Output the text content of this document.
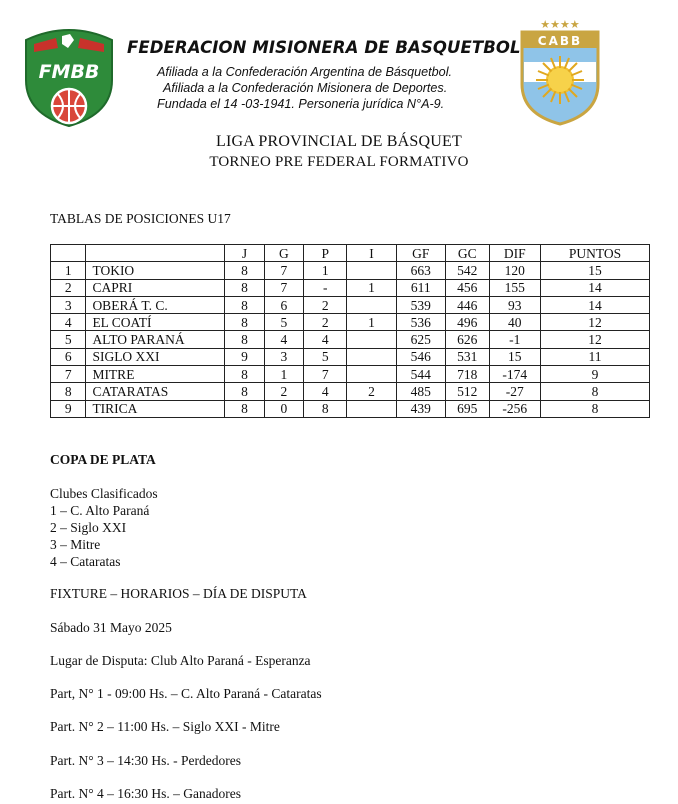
FMBB
FEDERACION MISIONERA DE BASQUETBOL
Afiliada a la Confederación Argentina de Básquetbol.
Afiliada a la Confederación Misionera de Deportes.
Fundada el 14 -03-1941. Personeria jurídica N°A-9.
★★★★
CABB
LIGA PROVINCIAL DE BÁSQUET
TORNEO PRE FEDERAL FORMATIVO
TABLAS DE POSICIONES U17
		J	G	P	I	GF	GC	DIF	PUNTOS
1	TOKIO	8	7	1		663	542	120	15
2	CAPRI	8	7	-	1	611	456	155	14
3	OBERÁ T. C.	8	6	2		539	446	93	14
4	EL COATÍ	8	5	2	1	536	496	40	12
5	ALTO PARANÁ	8	4	4		625	626	-1	12
6	SIGLO XXI	9	3	5		546	531	15	11
7	MITRE	8	1	7		544	718	-174	9
8	CATARATAS	8	2	4	2	485	512	-27	8
9	TIRICA	8	0	8		439	695	-256	8
COPA DE PLATA
Clubes Clasificados
1 – C. Alto Paraná
2 – Siglo XXI
3 – Mitre
4 – Cataratas
FIXTURE – HORARIOS – DÍA DE DISPUTA
Sábado 31 Mayo 2025
Lugar de Disputa: Club Alto Paraná - Esperanza
Part, N° 1 - 09:00 Hs. – C. Alto Paraná - Cataratas
Part. N° 2 – 11:00 Hs. – Siglo XXI - Mitre
Part. N° 3 – 14:30 Hs. - Perdedores
Part. N° 4 – 16:30 Hs. – Ganadores
